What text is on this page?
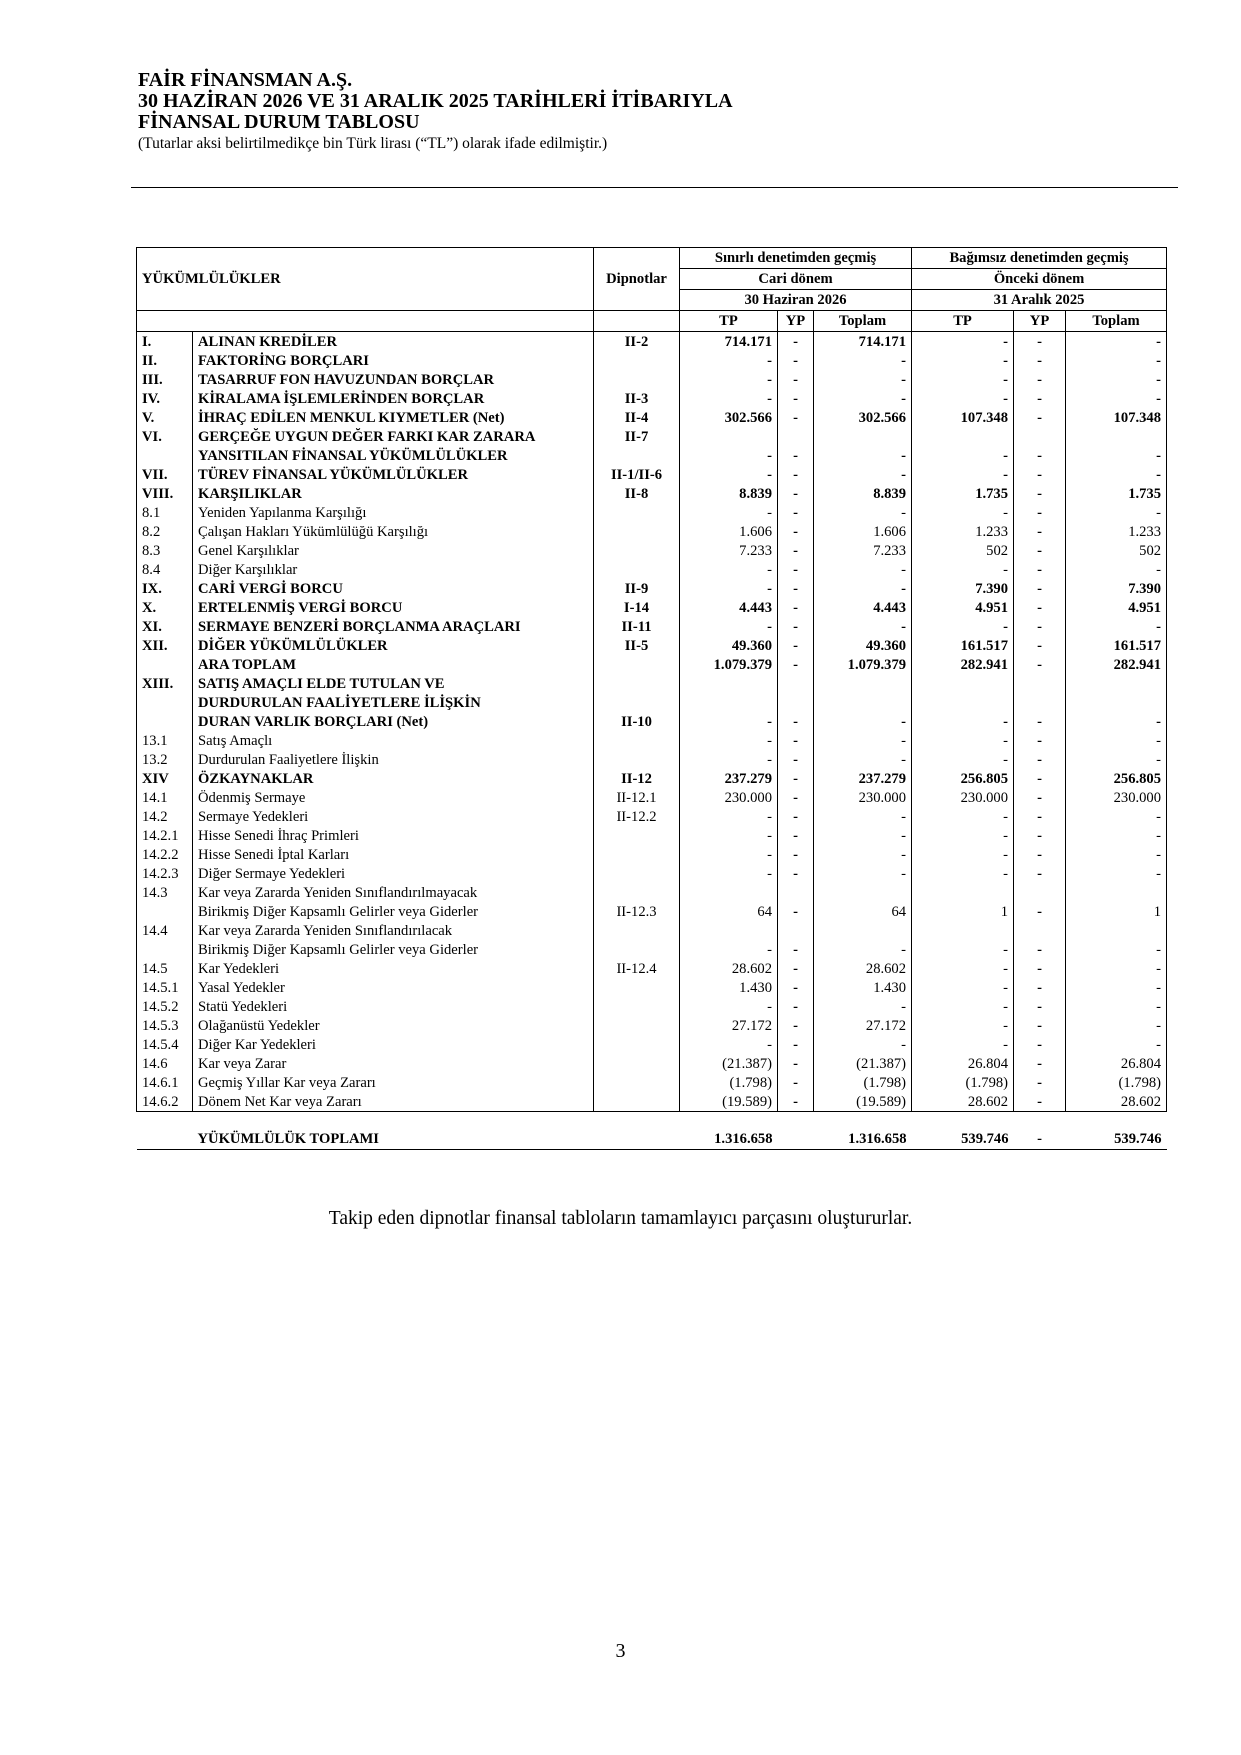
FAİR FİNANSMAN A.Ş.
30 HAZİRAN 2026 VE 31 ARALIK 2025 TARİHLERİ İTİBARIYLA
FİNANSAL DURUM TABLOSU
(Tutarlar aksi belirtilmedikçe bin Türk lirası (“TL”) olarak ifade edilmiştir.)
YÜKÜMLÜLÜKLER		Dipnotlar	Sınırlı denetimden geçmiş			Bağımsız denetimden geçmiş		
			Cari dönem			Önceki dönem		
			30 Haziran 2026			31 Aralık 2025		
			TP	YP	Toplam	TP	YP	Toplam
I.	ALINAN KREDİLER	II-2	714.171	-	714.171	-	-	-
II.	FAKTORİNG BORÇLARI		-	-	-	-	-	-
III.	TASARRUF FON HAVUZUNDAN BORÇLAR		-	-	-	-	-	-
IV.	KİRALAMA İŞLEMLERİNDEN BORÇLAR	II-3	-	-	-	-	-	-
V.	İHRAÇ EDİLEN MENKUL KIYMETLER (Net)	II-4	302.566	-	302.566	107.348	-	107.348
VI.	GERÇEĞE UYGUN DEĞER FARKI KAR ZARARA	II-7						
	YANSITILAN FİNANSAL YÜKÜMLÜLÜKLER		-	-	-	-	-	-
VII.	TÜREV FİNANSAL YÜKÜMLÜLÜKLER	II-1/II-6	-	-	-	-	-	-
VIII.	KARŞILIKLAR	II-8	8.839	-	8.839	1.735	-	1.735
8.1	Yeniden Yapılanma Karşılığı		-	-	-	-	-	-
8.2	Çalışan Hakları Yükümlülüğü Karşılığı		1.606	-	1.606	1.233	-	1.233
8.3	Genel Karşılıklar		7.233	-	7.233	502	-	502
8.4	Diğer Karşılıklar		-	-	-	-	-	-
IX.	CARİ VERGİ BORCU	II-9	-	-	-	7.390	-	7.390
X.	ERTELENMİŞ VERGİ BORCU	I-14	4.443	-	4.443	4.951	-	4.951
XI.	SERMAYE BENZERİ BORÇLANMA ARAÇLARI	II-11	-	-	-	-	-	-
XII.	DİĞER YÜKÜMLÜLÜKLER	II-5	49.360	-	49.360	161.517	-	161.517
	ARA TOPLAM		1.079.379	-	1.079.379	282.941	-	282.941
XIII.	SATIŞ AMAÇLI ELDE TUTULAN VE							
	DURDURULAN FAALİYETLERE İLİŞKİN							
	DURAN VARLIK BORÇLARI (Net)	II-10	-	-	-	-	-	-
13.1	Satış Amaçlı		-	-	-	-	-	-
13.2	Durdurulan Faaliyetlere İlişkin		-	-	-	-	-	-
XIV	ÖZKAYNAKLAR	II-12	237.279	-	237.279	256.805	-	256.805
14.1	Ödenmiş Sermaye	II-12.1	230.000	-	230.000	230.000	-	230.000
14.2	Sermaye Yedekleri	II-12.2	-	-	-	-	-	-
14.2.1	Hisse Senedi İhraç Primleri		-	-	-	-	-	-
14.2.2	Hisse Senedi İptal Karları		-	-	-	-	-	-
14.2.3	Diğer Sermaye Yedekleri		-	-	-	-	-	-
14.3	Kar veya Zararda Yeniden Sınıflandırılmayacak							
	Birikmiş Diğer Kapsamlı Gelirler veya Giderler	II-12.3	64	-	64	1	-	1
14.4	Kar veya Zararda Yeniden Sınıflandırılacak							
	Birikmiş Diğer Kapsamlı Gelirler veya Giderler		-	-	-	-	-	-
14.5	Kar Yedekleri	II-12.4	28.602	-	28.602	-	-	-
14.5.1	Yasal Yedekler		1.430	-	1.430	-	-	-
14.5.2	Statü Yedekleri		-	-	-	-	-	-
14.5.3	Olağanüstü Yedekler		27.172	-	27.172	-	-	-
14.5.4	Diğer Kar Yedekleri		-	-	-	-	-	-
14.6	Kar veya Zarar		(21.387)	-	(21.387)	26.804	-	26.804
14.6.1	Geçmiş Yıllar Kar veya Zararı		(1.798)	-	(1.798)	(1.798)	-	(1.798)
14.6.2	Dönem Net Kar veya Zararı		(19.589)	-	(19.589)	28.602	-	28.602
	YÜKÜMLÜLÜK TOPLAMI		1.316.658		1.316.658	539.746	-	539.746
Takip eden dipnotlar finansal tabloların tamamlayıcı parçasını oluştururlar.
3
